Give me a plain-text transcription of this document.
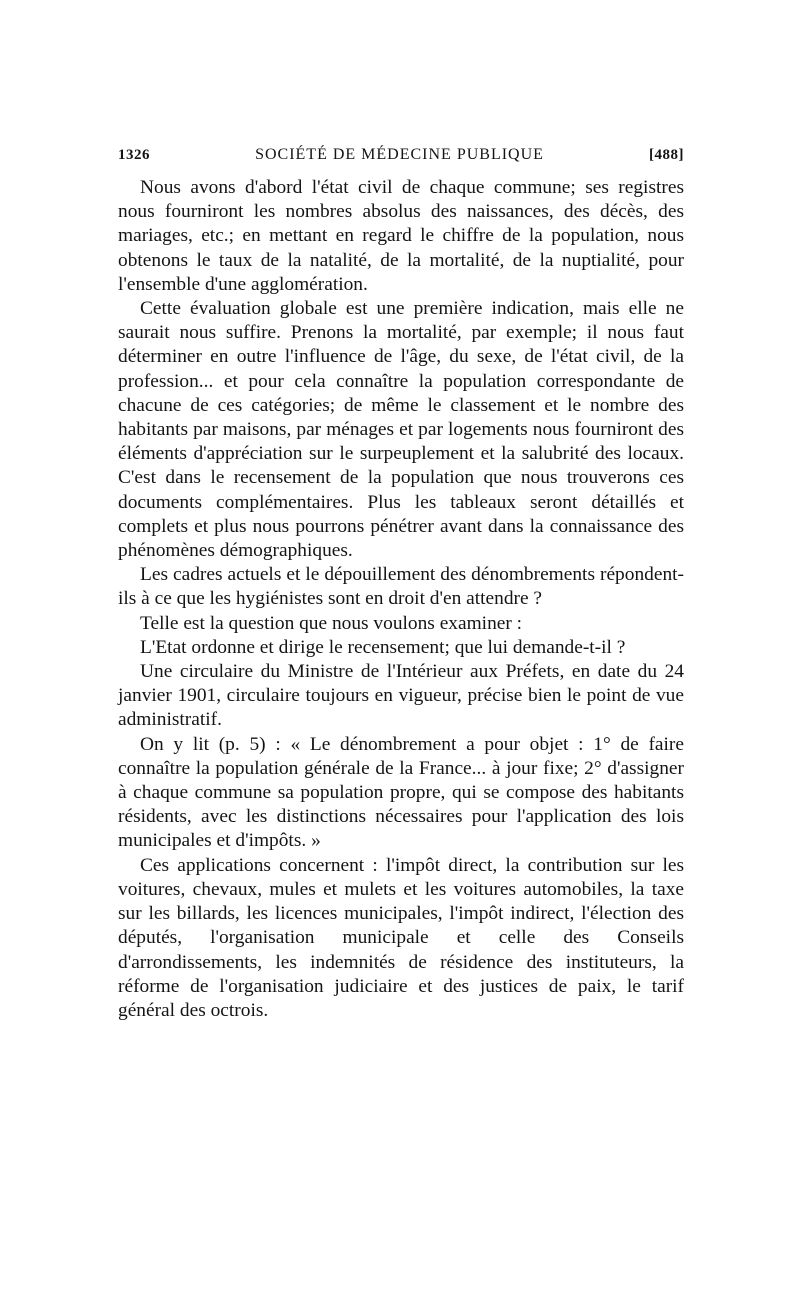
1326	SOCIÉTÉ DE MÉDECINE PUBLIQUE	[488]

Nous avons d'abord l'état civil de chaque commune; ses registres nous fourniront les nombres absolus des naissances, des décès, des mariages, etc.; en mettant en regard le chiffre de la population, nous obtenons le taux de la natalité, de la mortalité, de la nuptialité, pour l'ensemble d'une agglomération.

Cette évaluation globale est une première indication, mais elle ne saurait nous suffire. Prenons la mortalité, par exemple; il nous faut déterminer en outre l'influence de l'âge, du sexe, de l'état civil, de la profession... et pour cela connaître la population correspondante de chacune de ces catégories; de même le classement et le nombre des habitants par maisons, par ménages et par logements nous fourniront des éléments d'appréciation sur le surpeuplement et la salubrité des locaux. C'est dans le recensement de la population que nous trouverons ces documents complémentaires. Plus les tableaux seront détaillés et complets et plus nous pourrons pénétrer avant dans la connaissance des phénomènes démographiques.

Les cadres actuels et le dépouillement des dénombrements répondent-ils à ce que les hygiénistes sont en droit d'en attendre ?

Telle est la question que nous voulons examiner :

L'Etat ordonne et dirige le recensement; que lui demande-t-il ?

Une circulaire du Ministre de l'Intérieur aux Préfets, en date du 24 janvier 1901, circulaire toujours en vigueur, précise bien le point de vue administratif.

On y lit (p. 5) : « Le dénombrement a pour objet : 1° de faire connaître la population générale de la France... à jour fixe; 2° d'assigner à chaque commune sa population propre, qui se compose des habitants résidents, avec les distinctions nécessaires pour l'application des lois municipales et d'impôts. »

Ces applications concernent : l'impôt direct, la contribution sur les voitures, chevaux, mules et mulets et les voitures automobiles, la taxe sur les billards, les licences municipales, l'impôt indirect, l'élection des députés, l'organisation municipale et celle des Conseils d'arrondissements, les indemnités de résidence des instituteurs, la réforme de l'organisation judiciaire et des justices de paix, le tarif général des octrois.
